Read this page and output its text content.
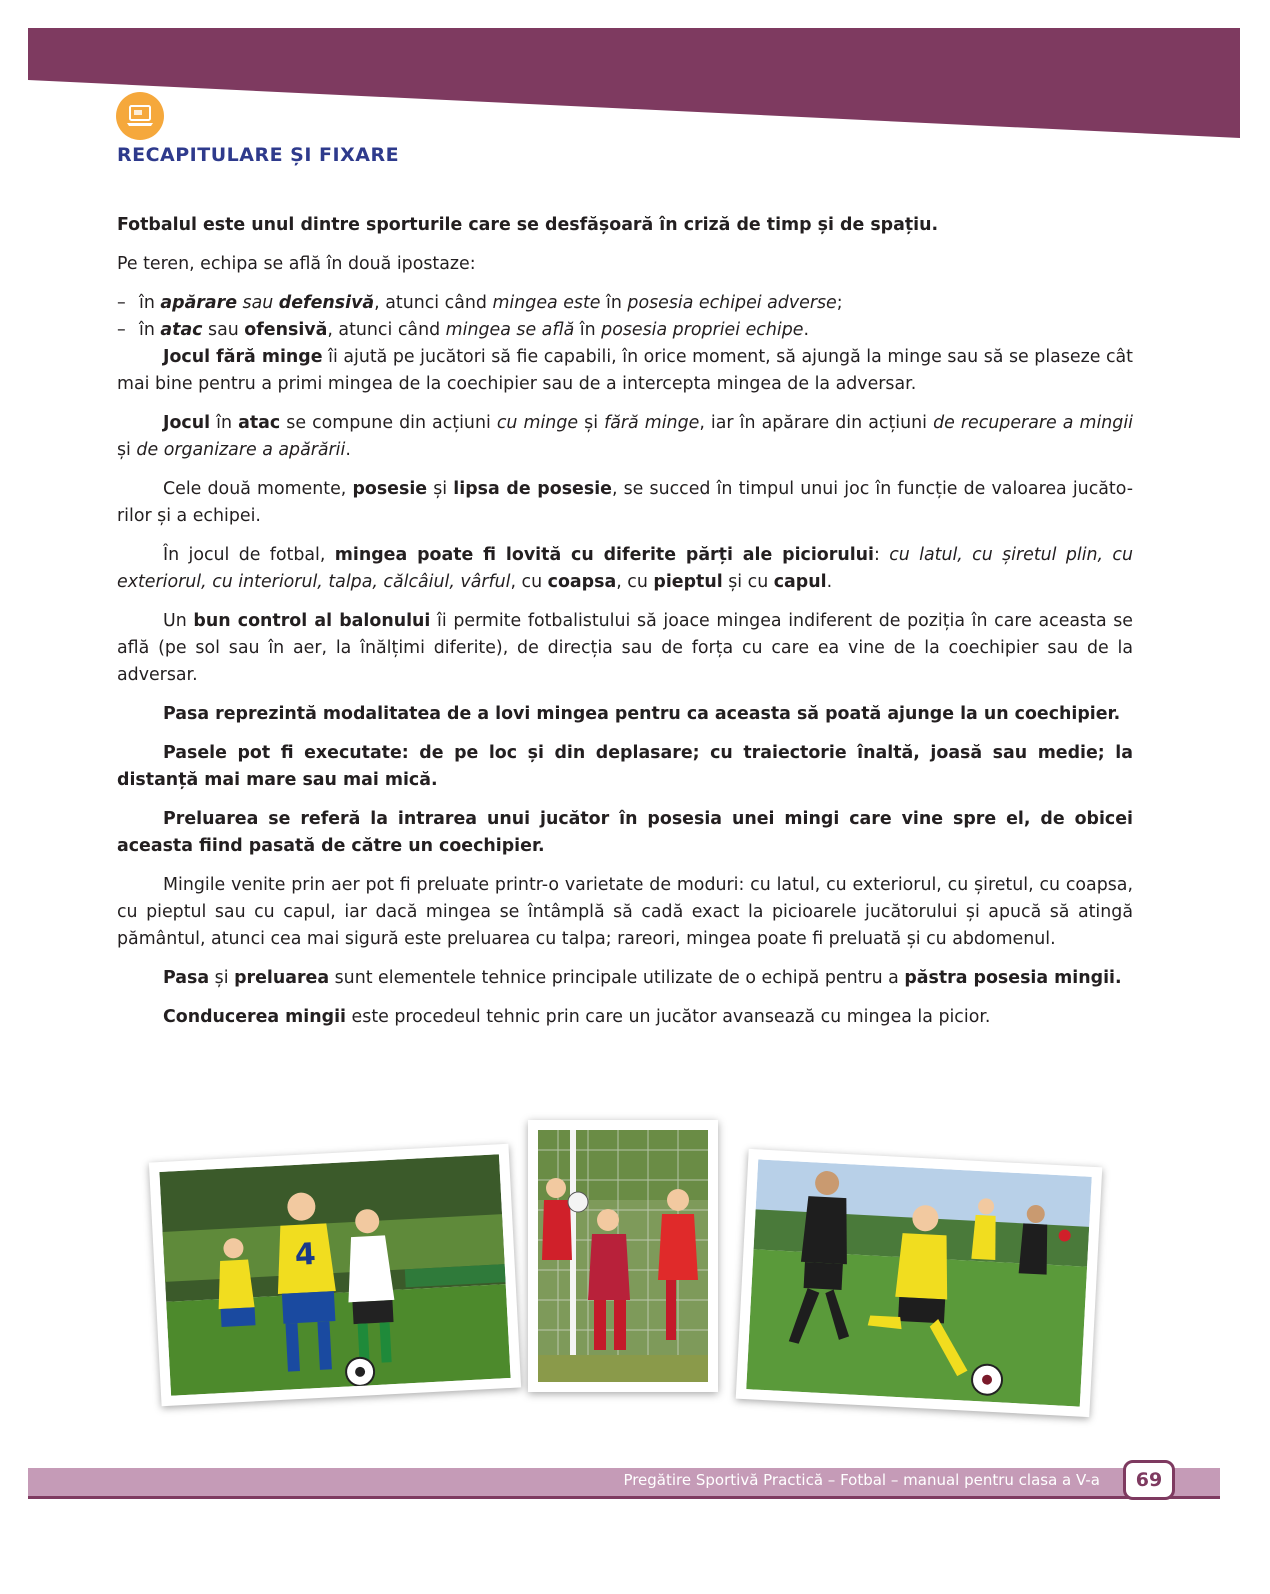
RECAPITULARE ȘI FIXARE

Fotbalul este unul dintre sporturile care se desfășoară în criză de timp și de spațiu.

Pe teren, echipa se află în două ipostaze:

– în apărare sau defensivă, atunci când mingea este în posesia echipei adverse;
– în atac sau ofensivă, atunci când mingea se află în posesia propriei echipe.

Jocul fără minge îi ajută pe jucători să fie capabili, în orice moment, să ajungă la minge sau să se plaseze cât mai bine pentru a primi mingea de la coechipier sau de a intercepta mingea de la adversar.

Jocul în atac se compune din acțiuni cu minge și fără minge, iar în apărare din acțiuni de recuperare a mingii și de organizare a apărării.

Cele două momente, posesie și lipsa de posesie, se succed în timpul unui joc în funcție de valoarea jucăto-rilor și a echipei.

În jocul de fotbal, mingea poate fi lovită cu diferite părți ale piciorului: cu latul, cu șiretul plin, cu exteriorul, cu interiorul, talpa, călcâiul, vârful, cu coapsa, cu pieptul și cu capul.

Un bun control al balonului îi permite fotbalistului să joace mingea indiferent de poziția în care aceasta se află (pe sol sau în aer, la înălțimi diferite), de direcția sau de forța cu care ea vine de la coechipier sau de la adversar.

Pasa reprezintă modalitatea de a lovi mingea pentru ca aceasta să poată ajunge la un coechipier.

Pasele pot fi executate: de pe loc și din deplasare; cu traiectorie înaltă, joasă sau medie; la distanță mai mare sau mai mică.

Preluarea se referă la intrarea unui jucător în posesia unei mingi care vine spre el, de obicei aceasta fiind pasată de către un coechipier.

Mingile venite prin aer pot fi preluate printr-o varietate de moduri: cu latul, cu exteriorul, cu șiretul, cu coapsa, cu pieptul sau cu capul, iar dacă mingea se întâmplă să cadă exact la picioarele jucătorului și apucă să atingă pământul, atunci cea mai sigură este preluarea cu talpa; rareori, mingea poate fi preluată și cu abdomenul.

Pasa și preluarea sunt elementele tehnice principale utilizate de o echipă pentru a păstra posesia mingii.

Conducerea mingii este procedeul tehnic prin care un jucător avansează cu mingea la picior.

4
Pregătire Sportivă Practică – Fotbal – manual pentru clasa a V-a	69
